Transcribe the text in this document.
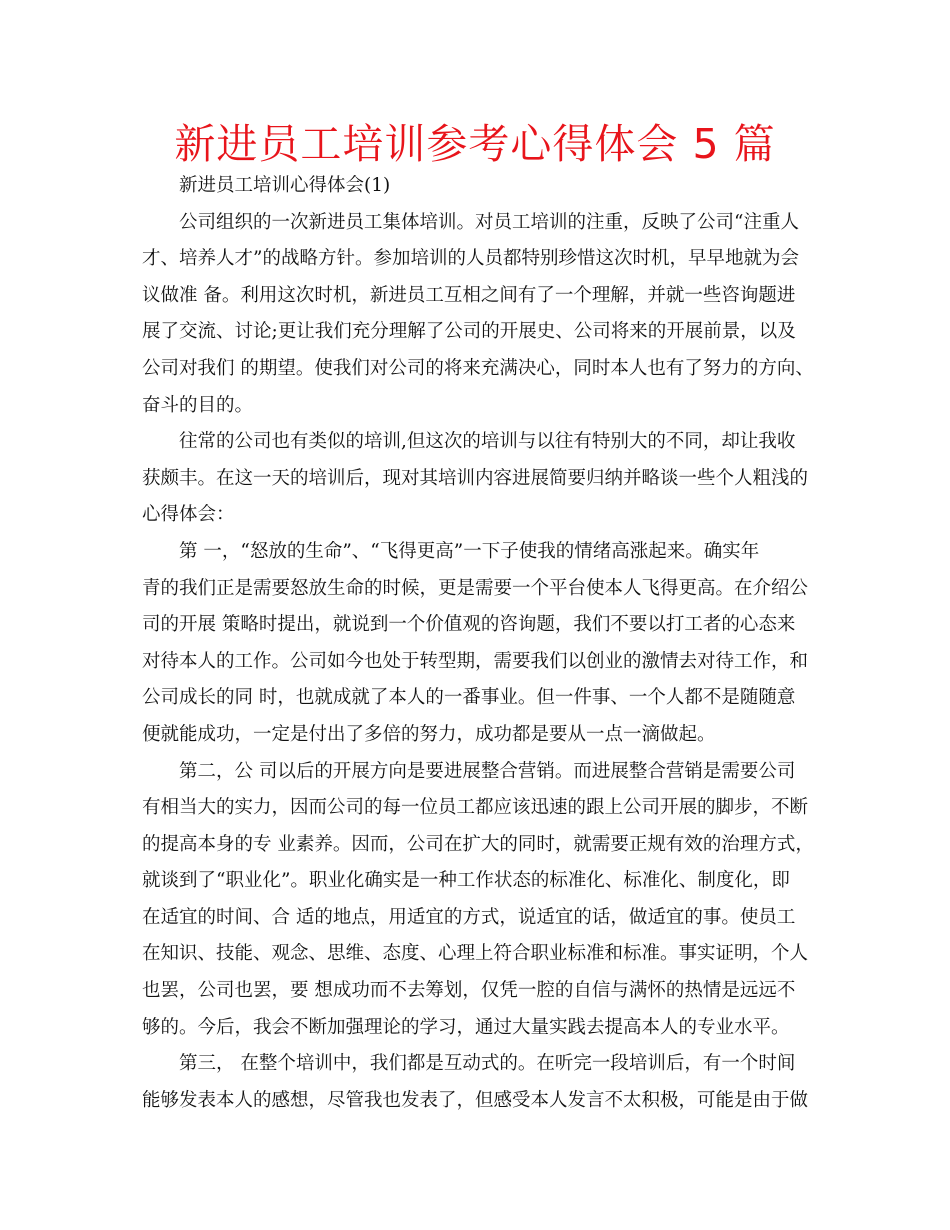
新进员工培训参考心得体会 5 篇

新进员工培训心得体会(1)

公司组织的一次新进员工集体培训。对员工培训的注重，反映了公司“注重人
才、培养人才”的战略方针。参加培训的人员都特别珍惜这次时机，早早地就为会
议做准 备。利用这次时机，新进员工互相之间有了一个理解，并就一些咨询题进
展了交流、讨论;更让我们充分理解了公司的开展史、公司将来的开展前景，以及
公司对我们 的期望。使我们对公司的将来充满决心，同时本人也有了努力的方向、
奋斗的目的。

往常的公司也有类似的培训,但这次的培训与以往有特别大的不同，却让我收
获颇丰。在这一天的培训后，现对其培训内容进展简要归纳并略谈一些个人粗浅的
心得体会：

第 一，“怒放的生命”、“飞得更高”一下子使我的情绪高涨起来。确实年
青的我们正是需要怒放生命的时候，更是需要一个平台使本人飞得更高。在介绍公
司的开展 策略时提出，就说到一个价值观的咨询题，我们不要以打工者的心态来
对待本人的工作。公司如今也处于转型期，需要我们以创业的激情去对待工作，和
公司成长的同 时，也就成就了本人的一番事业。但一件事、一个人都不是随随意
便就能成功，一定是付出了多倍的努力，成功都是要从一点一滴做起。

第二，公 司以后的开展方向是要进展整合营销。而进展整合营销是需要公司
有相当大的实力，因而公司的每一位员工都应该迅速的跟上公司开展的脚步，不断
的提高本身的专 业素养。因而，公司在扩大的同时，就需要正规有效的治理方式，
就谈到了“职业化”。职业化确实是一种工作状态的标准化、标准化、制度化，即
在适宜的时间、合 适的地点，用适宜的方式，说适宜的话，做适宜的事。使员工
在知识、技能、观念、思维、态度、心理上符合职业标准和标准。事实证明，个人
也罢，公司也罢，要 想成功而不去筹划，仅凭一腔的自信与满怀的热情是远远不
够的。今后，我会不断加强理论的学习，通过大量实践去提高本人的专业水平。

第三， 在整个培训中，我们都是互动式的。在听完一段培训后，有一个时间
能够发表本人的感想，尽管我也发表了，但感受本人发言不太积极，可能是由于做
